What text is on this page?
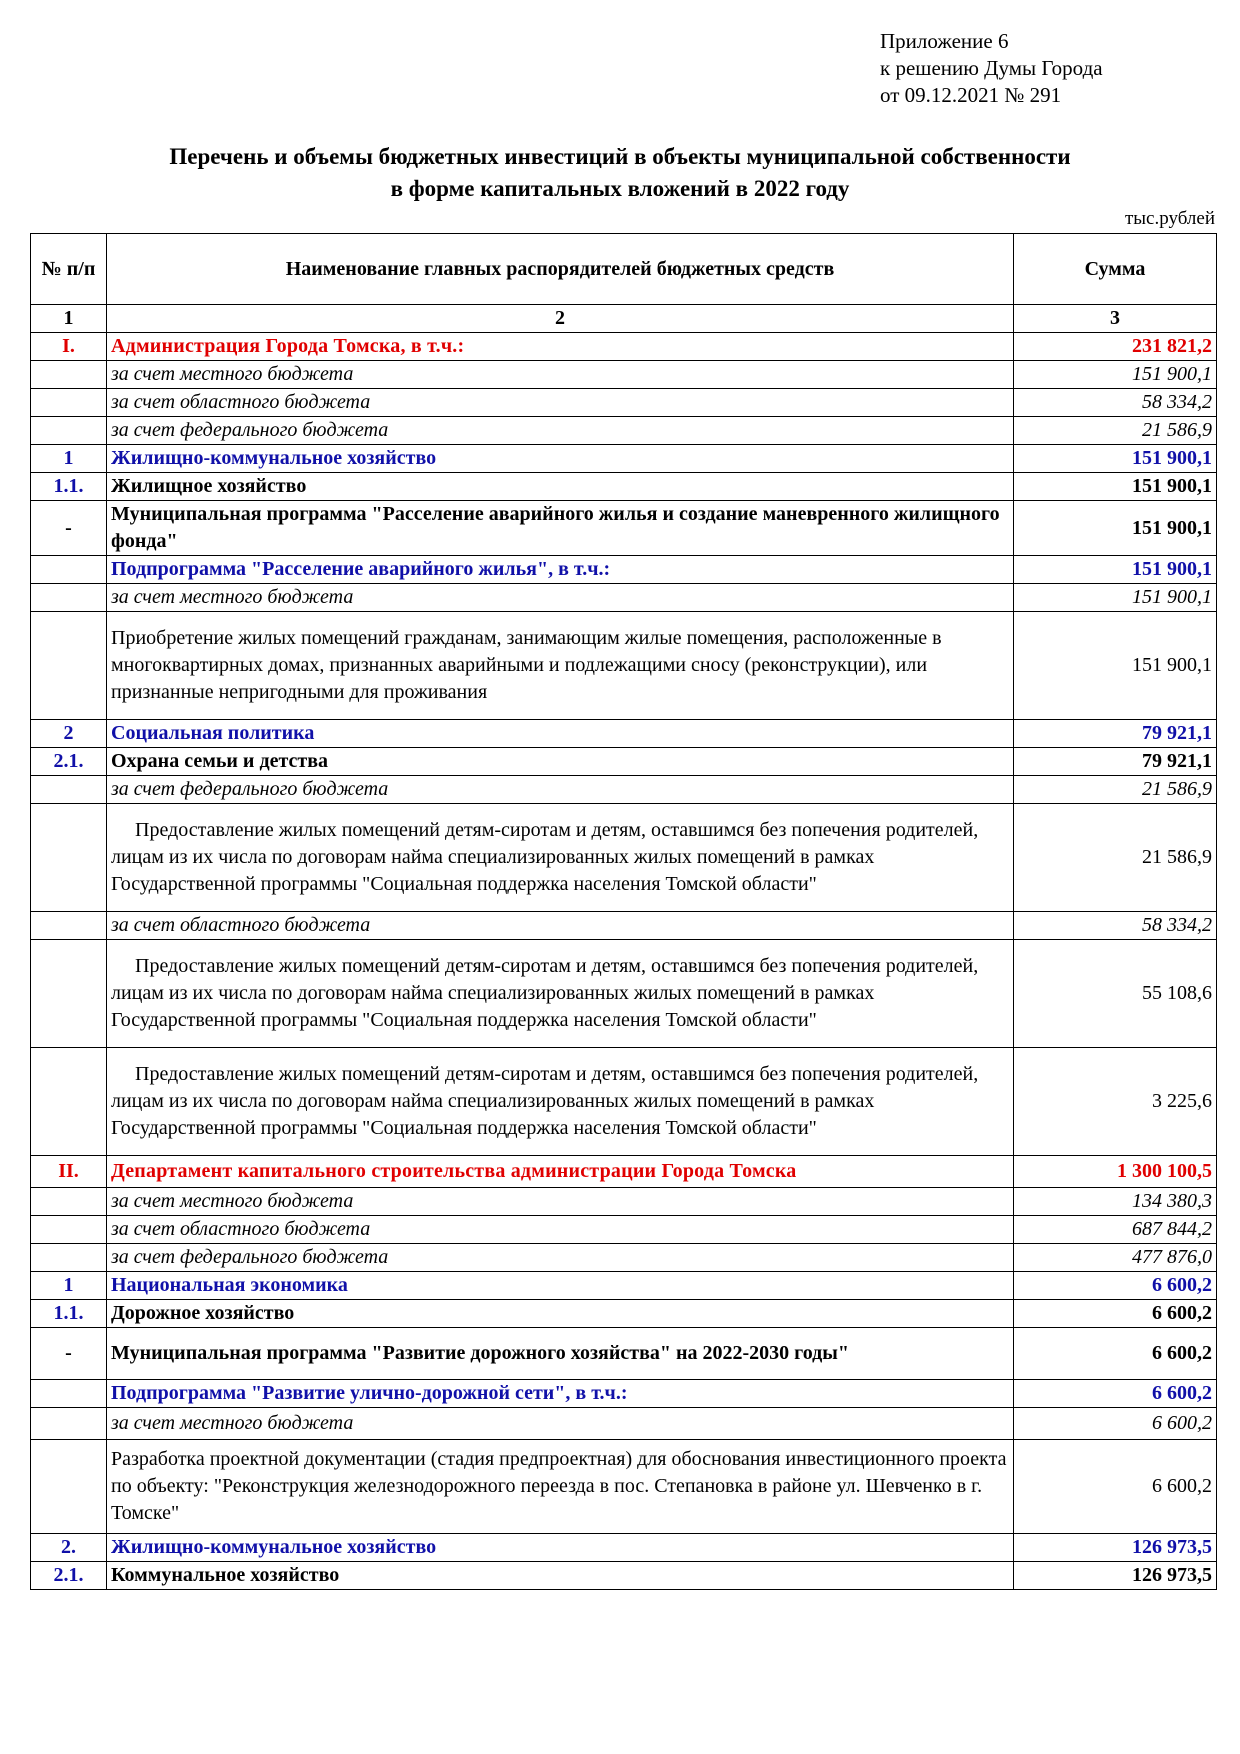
Приложение 6
к решению Думы Города
от 09.12.2021 № 291
Перечень и объемы бюджетных инвестиций в объекты муниципальной собственности
в форме капитальных вложений в 2022 году
тыс.рублей
№ п/п	Наименование главных распорядителей бюджетных средств	Сумма
1	2	3
I.	Администрация Города Томска, в т.ч.:	231 821,2
	за счет местного бюджета	151 900,1
	за счет областного бюджета	58 334,2
	за счет федерального бюджета	21 586,9
1	Жилищно-коммунальное хозяйство	151 900,1
1.1.	Жилищное хозяйство	151 900,1
-	Муниципальная программа "Расселение аварийного жилья и создание маневренного жилищного фонда"	151 900,1
	Подпрограмма "Расселение аварийного жилья", в т.ч.:	151 900,1
	за счет местного бюджета	151 900,1
	Приобретение жилых помещений гражданам, занимающим жилые помещения, расположенные в многоквартирных домах, признанных аварийными и подлежащими сносу (реконструкции), или признанные непригодными для проживания	151 900,1
2	Социальная политика	79 921,1
2.1.	Охрана семьи и детства	79 921,1
	за счет федерального бюджета	21 586,9
	Предоставление жилых помещений детям-сиротам и детям, оставшимся без попечения родителей, лицам из их числа по договорам найма специализированных жилых помещений в рамках Государственной программы "Социальная поддержка населения Томской области"	21 586,9
	за счет областного бюджета	58 334,2
	Предоставление жилых помещений детям-сиротам и детям, оставшимся без попечения родителей, лицам из их числа по договорам найма специализированных жилых помещений в рамках Государственной программы "Социальная поддержка населения Томской области"	55 108,6
	Предоставление жилых помещений детям-сиротам и детям, оставшимся без попечения родителей, лицам из их числа по договорам найма специализированных жилых помещений в рамках Государственной программы "Социальная поддержка населения Томской области"	3 225,6
II.	Департамент капитального строительства администрации Города Томска	1 300 100,5
	за счет местного бюджета	134 380,3
	за счет областного бюджета	687 844,2
	за счет федерального бюджета	477 876,0
1	Национальная экономика	6 600,2
1.1.	Дорожное хозяйство	6 600,2
-	Муниципальная программа "Развитие дорожного хозяйства" на 2022-2030 годы"	6 600,2
	Подпрограмма "Развитие улично-дорожной сети", в т.ч.:	6 600,2
	за счет местного бюджета	6 600,2
	Разработка проектной документации (стадия предпроектная) для обоснования инвестиционного проекта по объекту: "Реконструкция железнодорожного переезда в пос. Степановка в районе ул. Шевченко в г. Томске"	6 600,2
2.	Жилищно-коммунальное хозяйство	126 973,5
2.1.	Коммунальное хозяйство	126 973,5
